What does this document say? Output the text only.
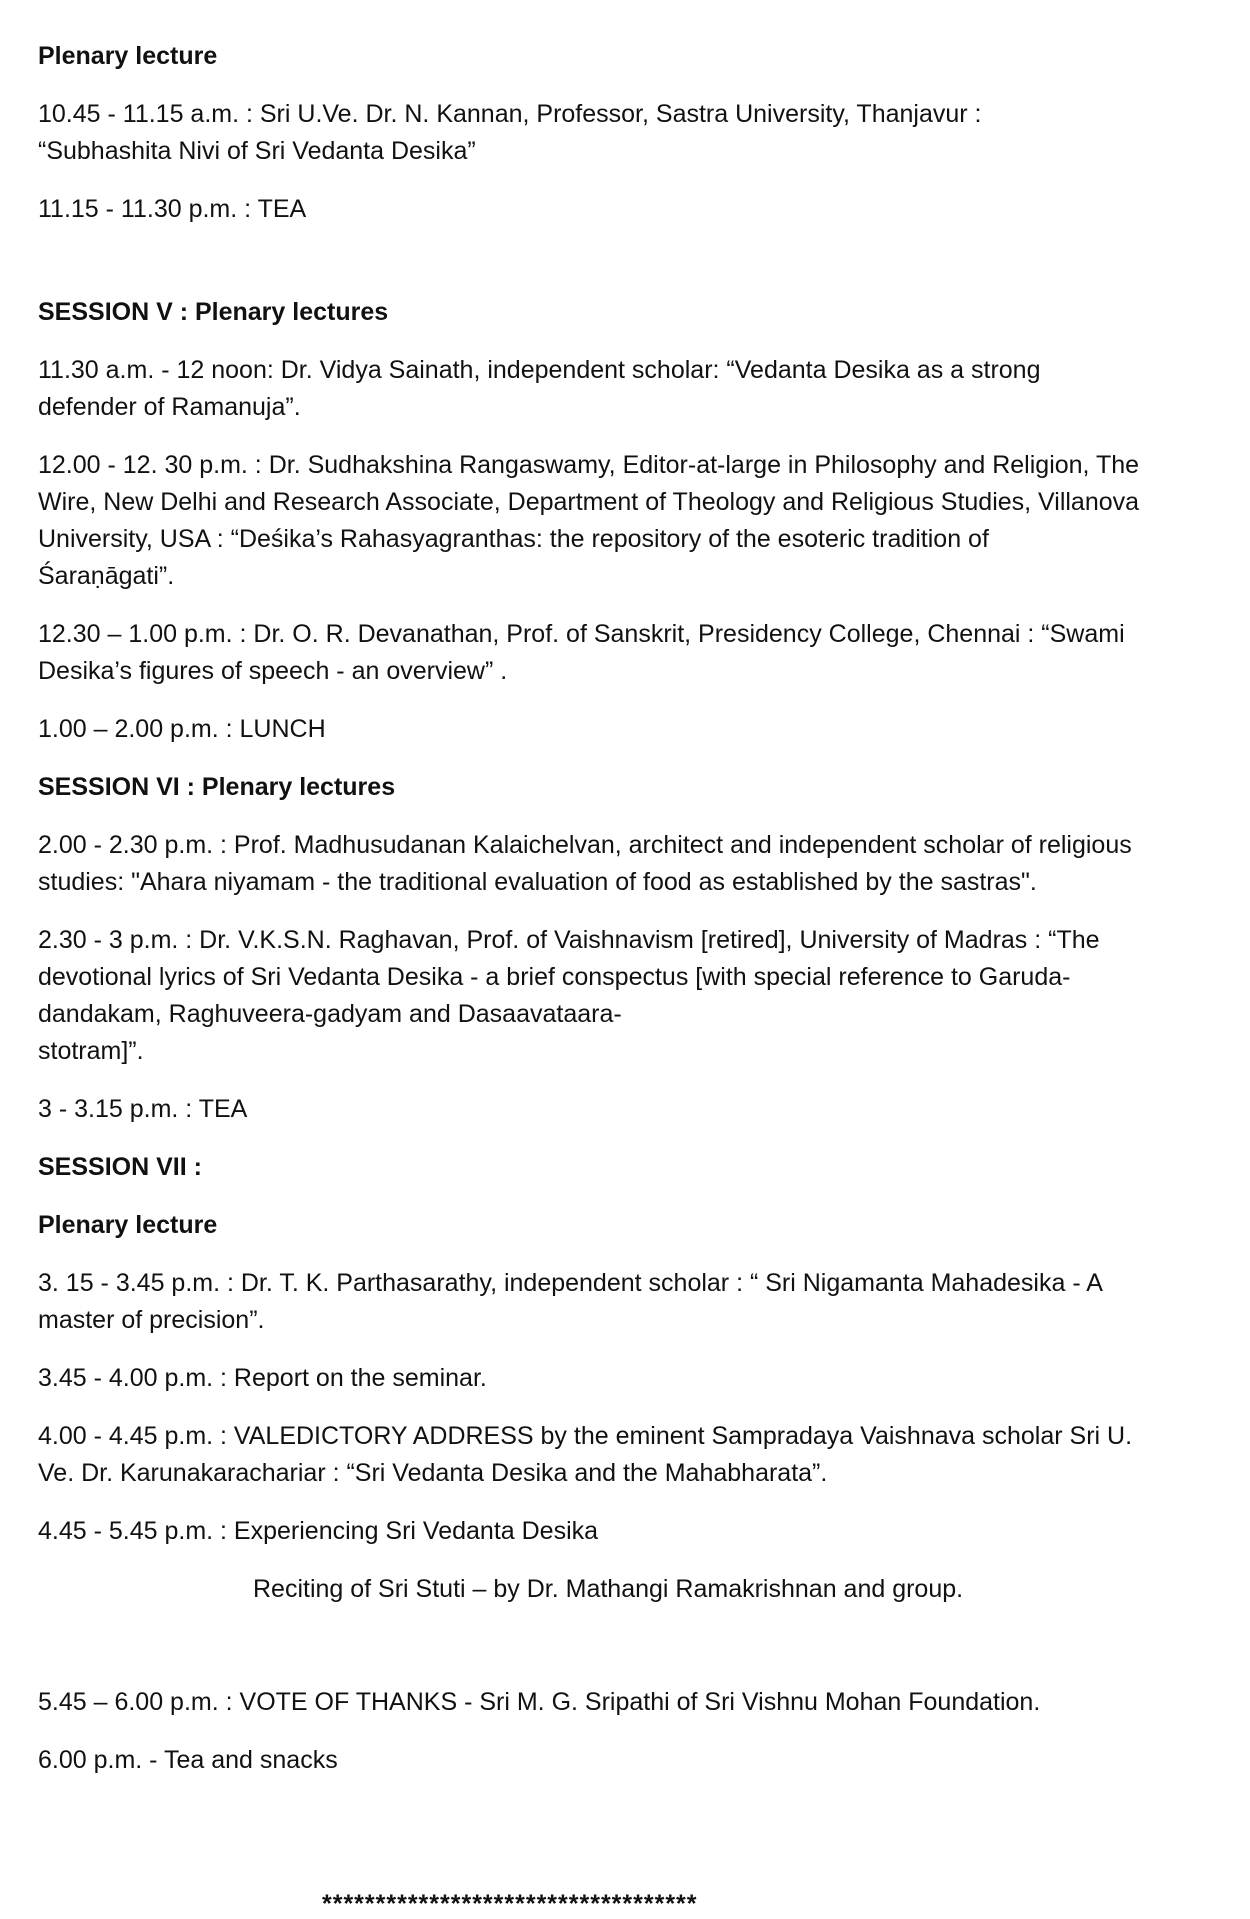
Plenary lecture
10.45 - 11.15 a.m. : Sri U.Ve. Dr. N. Kannan, Professor, Sastra University, Thanjavur :
“Subhashita Nivi of Sri Vedanta Desika”
11.15 - 11.30 p.m. : TEA
SESSION V : Plenary lectures
11.30 a.m. - 12 noon: Dr. Vidya Sainath, independent scholar: “Vedanta Desika as a strong
defender of Ramanuja”.
12.00 - 12. 30 p.m. : Dr. Sudhakshina Rangaswamy, Editor-at-large in Philosophy and Religion, The
Wire, New Delhi and Research Associate, Department of Theology and Religious Studies, Villanova
University, USA : “Deśika’s Rahasyagranthas: the repository of the esoteric tradition of
Śaraṇāgati”.
12.30 – 1.00 p.m. : Dr. O. R. Devanathan, Prof. of Sanskrit, Presidency College, Chennai : “Swami
Desika’s figures of speech - an overview” .
1.00 – 2.00 p.m. : LUNCH
SESSION VI : Plenary lectures
2.00 - 2.30 p.m. : Prof. Madhusudanan Kalaichelvan, architect and independent scholar of religious
studies: "Ahara niyamam - the traditional evaluation of food as established by the sastras".
2.30 - 3 p.m. : Dr. V.K.S.N. Raghavan, Prof. of Vaishnavism [retired], University of Madras : “The
devotional lyrics of Sri Vedanta Desika - a brief conspectus [with special reference to Garuda-
dandakam, Raghuveera-gadyam and Dasaavataara-
stotram]”.
3 - 3.15 p.m. : TEA
SESSION VII :
Plenary lecture
3. 15 - 3.45 p.m. : Dr. T. K. Parthasarathy, independent scholar : “ Sri Nigamanta Mahadesika - A
master of precision”.
3.45 - 4.00 p.m. : Report on the seminar.
4.00 - 4.45 p.m. : VALEDICTORY ADDRESS by the eminent Sampradaya Vaishnava scholar Sri U.
Ve. Dr. Karunakaracharia​r : “Sri Vedanta Desika and the Mahabharata”.
4.45 - 5.45 p.m. : Experiencing Sri Vedanta Desika
Reciting of Sri Stuti – by Dr. Mathangi Ramakrishnan and group.
5.45 – 6.00 p.m. : VOTE OF THANKS - Sri M. G. Sripathi of Sri Vishnu Mohan Foundation.
6.00 p.m. - Tea and snacks
***********************************
